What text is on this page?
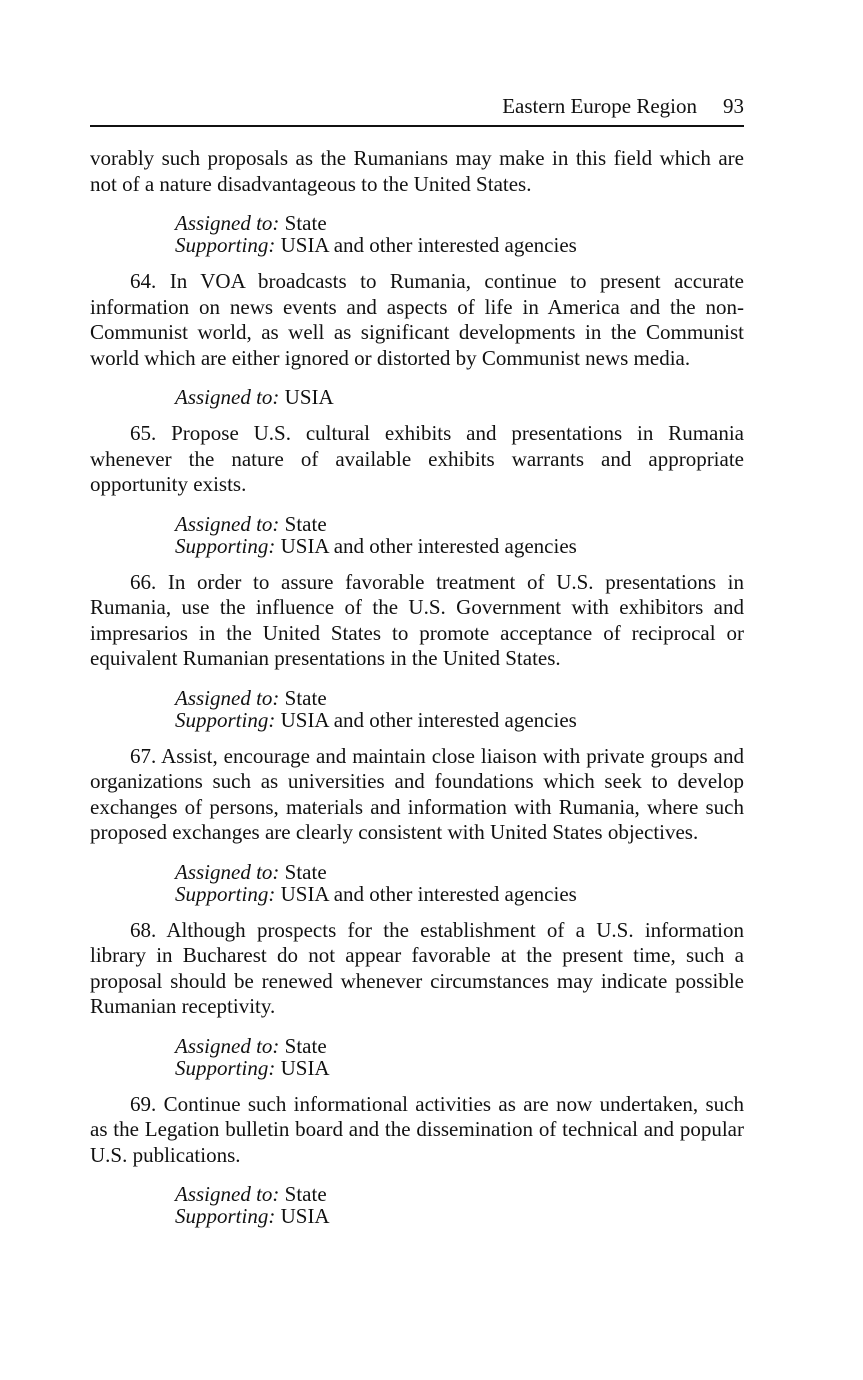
Eastern Europe Region 93

vorably such proposals as the Rumanians may make in this field which are not of a nature disadvantageous to the United States.

Assigned to: State
Supporting: USIA and other interested agencies

64. In VOA broadcasts to Rumania, continue to present accurate information on news events and aspects of life in America and the non-Communist world, as well as significant developments in the Communist world which are either ignored or distorted by Communist news media.

Assigned to: USIA

65. Propose U.S. cultural exhibits and presentations in Rumania whenever the nature of available exhibits warrants and appropriate opportunity exists.

Assigned to: State
Supporting: USIA and other interested agencies

66. In order to assure favorable treatment of U.S. presentations in Rumania, use the influence of the U.S. Government with exhibitors and impresarios in the United States to promote acceptance of reciprocal or equivalent Rumanian presentations in the United States.

Assigned to: State
Supporting: USIA and other interested agencies

67. Assist, encourage and maintain close liaison with private groups and organizations such as universities and foundations which seek to develop exchanges of persons, materials and information with Rumania, where such proposed exchanges are clearly consistent with United States objectives.

Assigned to: State
Supporting: USIA and other interested agencies

68. Although prospects for the establishment of a U.S. information library in Bucharest do not appear favorable at the present time, such a proposal should be renewed whenever circumstances may indicate possible Rumanian receptivity.

Assigned to: State
Supporting: USIA

69. Continue such informational activities as are now undertaken, such as the Legation bulletin board and the dissemination of technical and popular U.S. publications.

Assigned to: State
Supporting: USIA
